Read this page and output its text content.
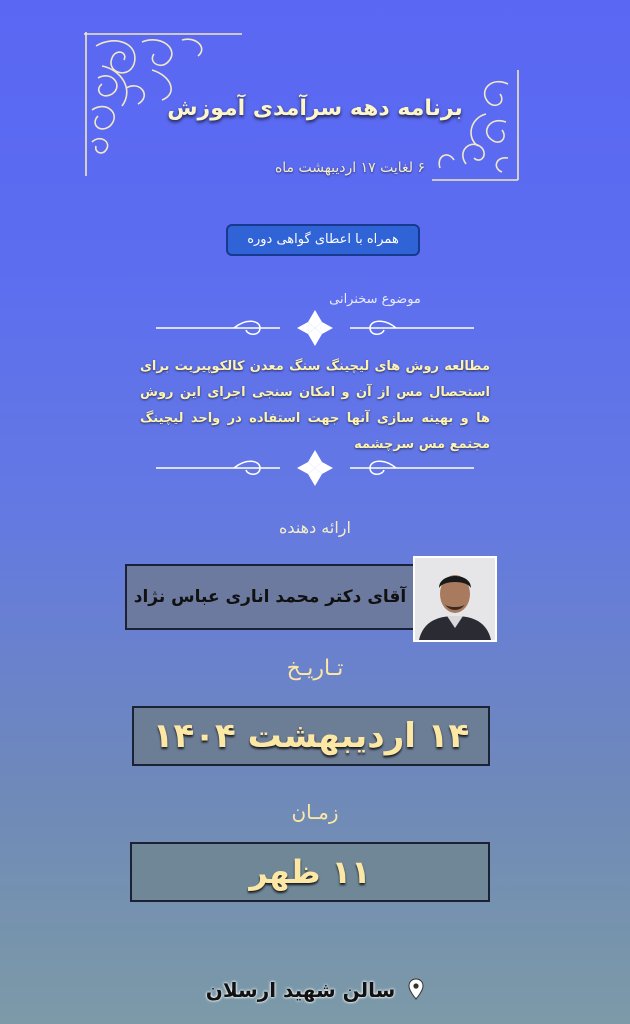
برنامه دهه سرآمدی آموزش
۶ لغایت ۱۷ اردیبهشت ماه
همراه با اعطای گواهی دوره
موضوع سخنرانی
مطالعه روش های لیچینگ سنگ معدن کالکوپیریت برای استحصال مس از آن و امکان سنجی اجرای این روش ها و بهینه سازی آنها جهت استفاده در واحد لیچینگ مجتمع مس سرچشمه
ارائه دهنده
آقای دکتر محمد اناری عباس نژاد
تـاریـخ
۱۴ اردیبهشت ۱۴۰۴
زمـان
۱۱ ظهر
سالن شهید ارسلان
